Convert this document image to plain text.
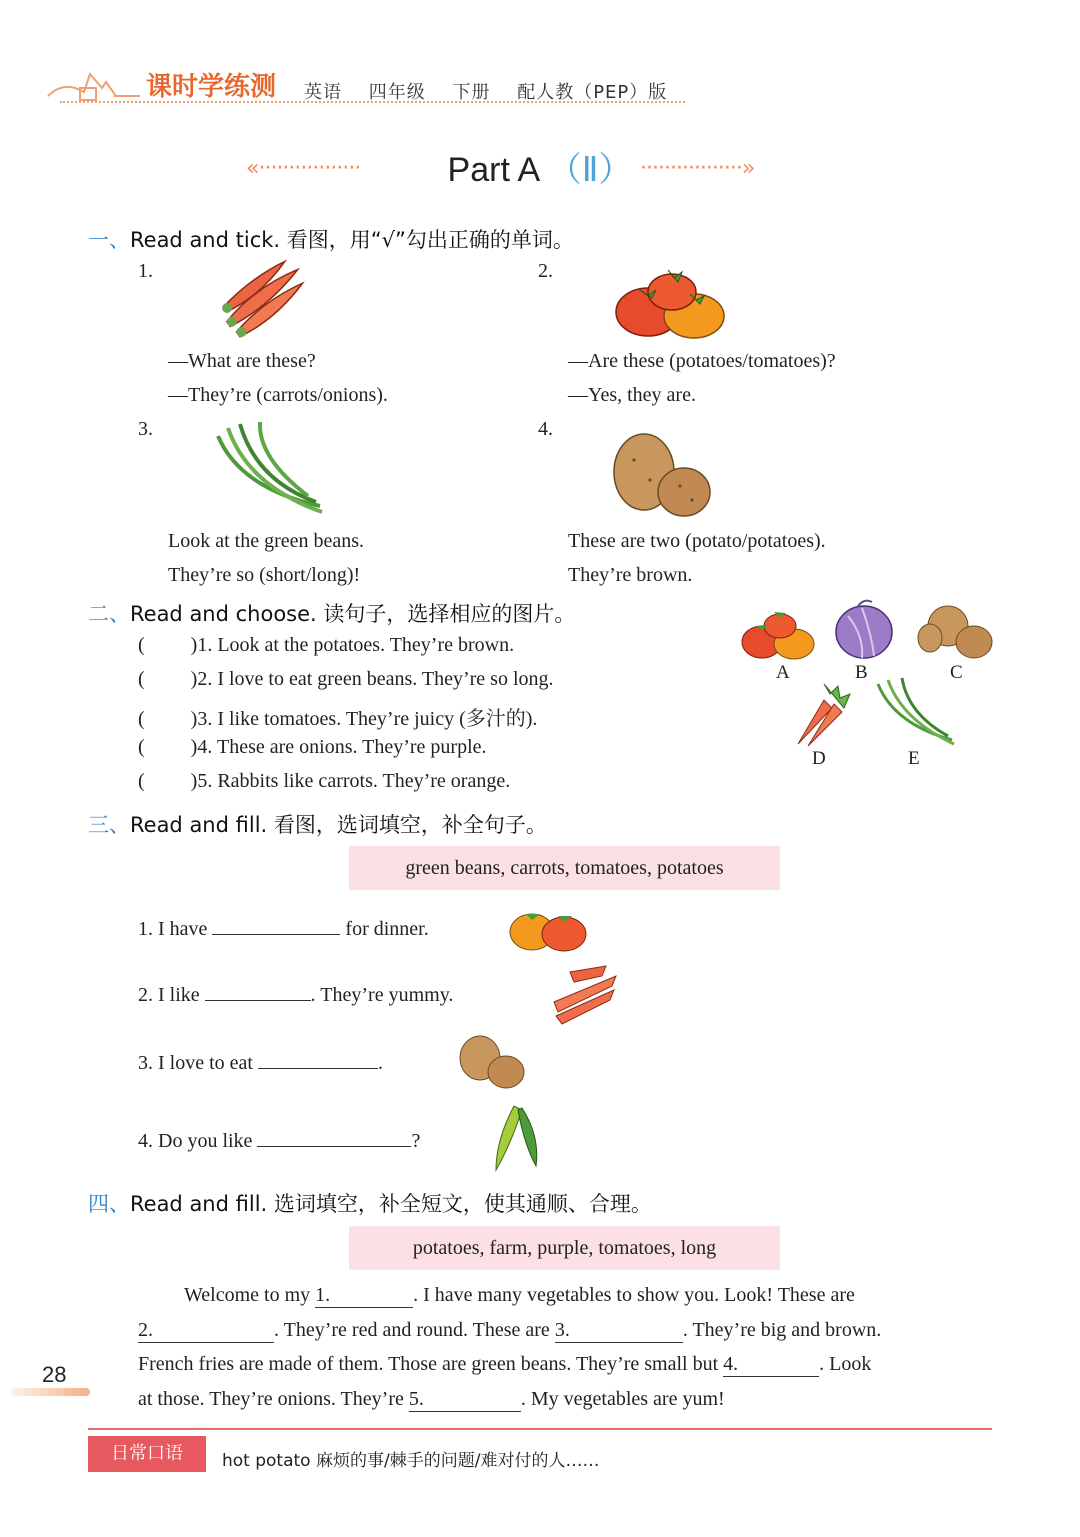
课时学练测 英语 四年级 下册 配人教（PEP）版
«·················	Part A （Ⅱ） ·················»
一、Read and tick. 看图，用“√”勾出正确的单词。
1.
—What are these?
—They’re (carrots/onions).
2.
—Are these (potatoes/tomatoes)?
—Yes, they are.
3.
Look at the green beans.
They’re so (short/long)!
4.
These are two (potato/potatoes).
They’re brown.
二、Read and choose. 读句子，选择相应的图片。
( )1. Look at the potatoes. They’re brown.
( )2. I love to eat green beans. They’re so long.
( )3. I like tomatoes. They’re juicy (多汁的).
( )4. These are onions. They’re purple.
( )5. Rabbits like carrots. They’re orange.
A	B	C
D	E
三、Read and fill. 看图，选词填空，补全句子。
green beans, carrots, tomatoes, potatoes
1. I have	for dinner.
2. I like	. They’re yummy.
3. I love to eat	.
4. Do you like	?
四、Read and fill. 选词填空，补全短文，使其通顺、合理。
potatoes, farm, purple, tomatoes, long
Welcome to my 1.	. I have many vegetables to show you. Look! These are
2.	. They’re red and round. These are 3.	. They’re big and brown.
French fries are made of them. Those are green beans. They’re small but 4.	. Look
at those. They’re onions. They’re 5.	. My vegetables are yum!
28
日常口语	hot potato 麻烦的事/棘手的问题/难对付的人……
